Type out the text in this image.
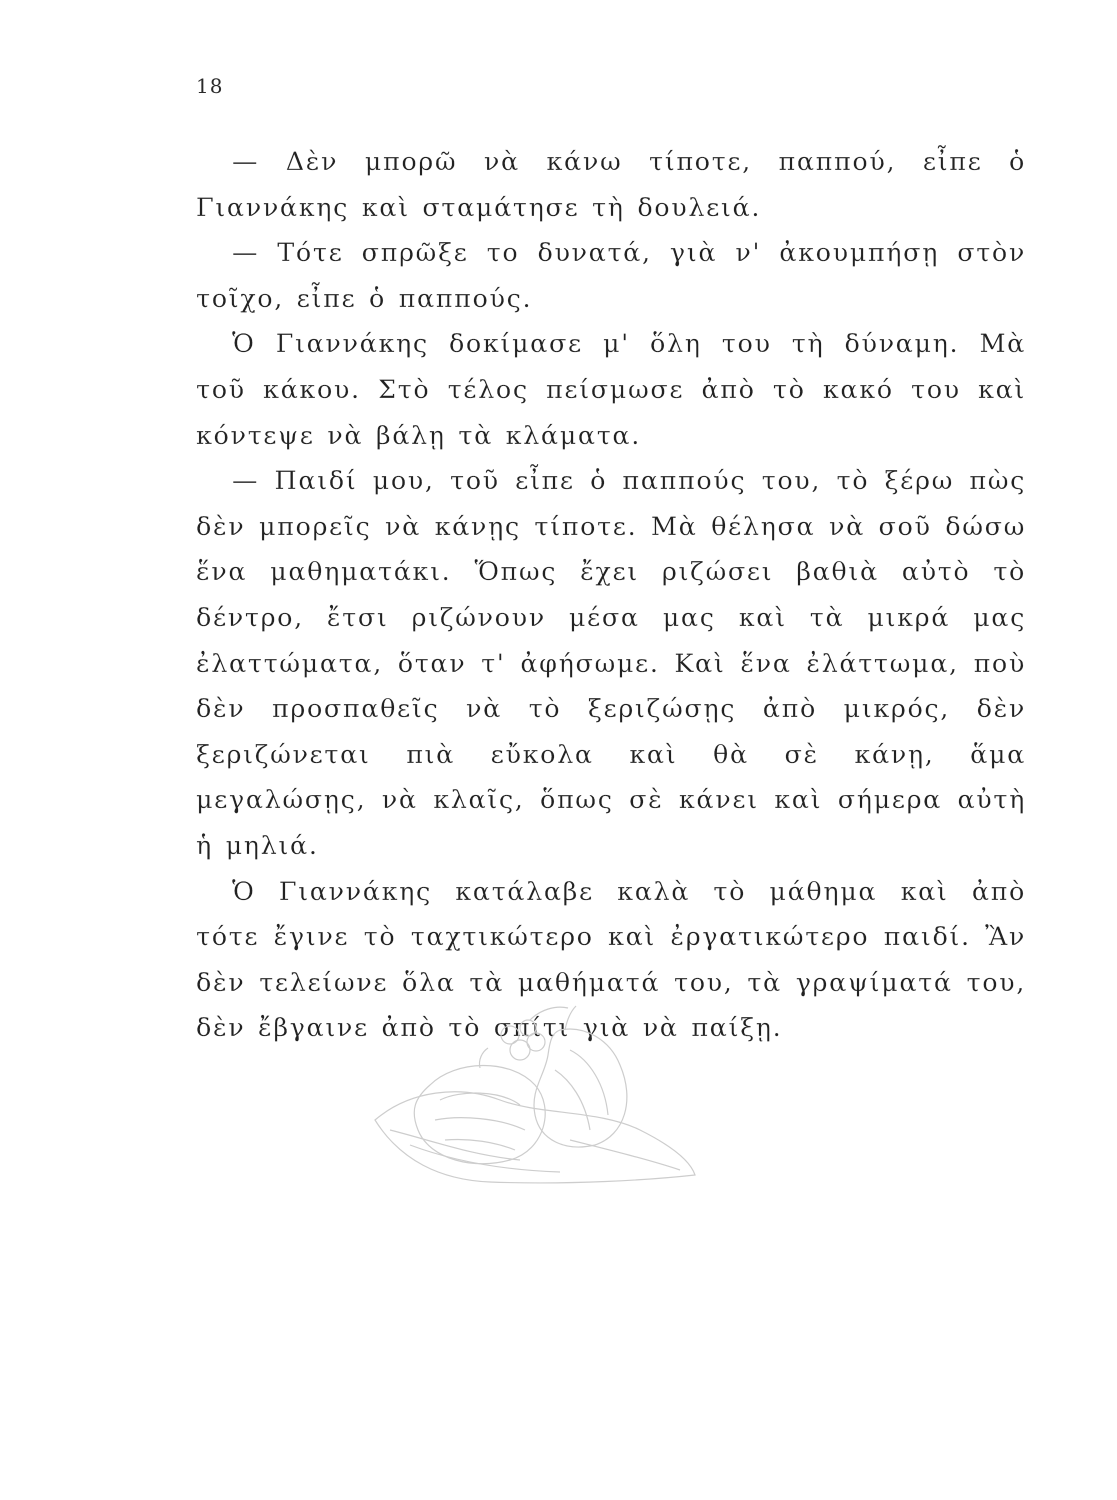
18

— Δὲν μπορῶ νὰ κάνω τίποτε, παππού, εἶπε ὁ Γιαννάκης καὶ σταμάτησε τὴ δουλειά.

— Τότε σπρῶξε το δυνατά, γιὰ ν' ἀκουμπήσῃ στὸν τοῖχο, εἶπε ὁ παππούς.

Ὁ Γιαννάκης δοκίμασε μ' ὅλη του τὴ δύναμη. Μὰ τοῦ κάκου. Στὸ τέλος πείσμωσε ἀπὸ τὸ κακό του καὶ κόντεψε νὰ βάλῃ τὰ κλάματα.

— Παιδί μου, τοῦ εἶπε ὁ παππούς του, τὸ ξέρω πὼς δὲν μπορεῖς νὰ κάνῃς τίποτε. Μὰ θέλησα νὰ σοῦ δώσω ἕνα μαθηματάκι. Ὅπως ἔχει ριζώσει βαθιὰ αὐτὸ τὸ δέντρο, ἔτσι ριζώνουν μέσα μας καὶ τὰ μικρά μας ἐλαττώματα, ὅταν τ' ἀφήσωμε. Καὶ ἕνα ἐλάττωμα, ποὺ δὲν προσπαθεῖς νὰ τὸ ξεριζώσῃς ἀπὸ μικρός, δὲν ξεριζώνεται πιὰ εὔκολα καὶ θὰ σὲ κάνῃ, ἅμα μεγαλώσῃς, νὰ κλαῖς, ὅπως σὲ κάνει καὶ σήμερα αὐτὴ ἡ μηλιά.

Ὁ Γιαννάκης κατάλαβε καλὰ τὸ μάθημα καὶ ἀπὸ τότε ἔγινε τὸ ταχτικώτερο καὶ ἐργατικώτερο παιδί. Ἂν δὲν τελείωνε ὅλα τὰ μαθήματά του, τὰ γραψίματά του, δὲν ἔβγαινε ἀπὸ τὸ σπίτι γιὰ νὰ παίξῃ.
